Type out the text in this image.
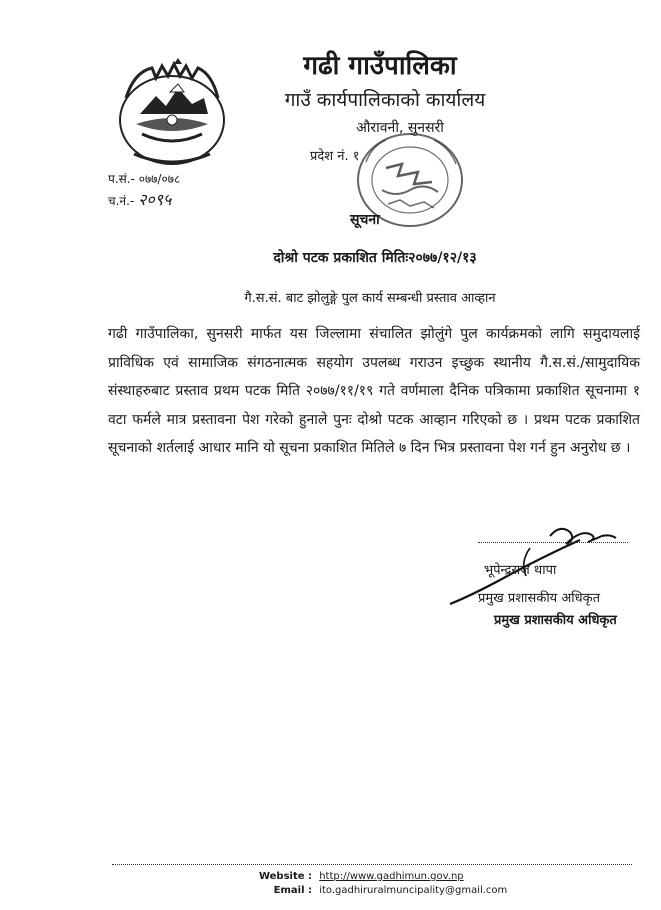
गढी गाउँपालिका
गाउँ कार्यपालिकाको कार्यालय
औरावनी, सुनसरी
प्रदेश नं. १
प.सं.- ०७७/०७८
च.नं.- २०९५
सूचना
दोश्रो पटक प्रकाशित मितिः२०७७/१२/१३
गै.स.सं. बाट झोलुङ्गे पुल कार्य सम्बन्धी प्रस्ताव आव्हान
गढी गाउँपालिका, सुनसरी मार्फत यस जिल्लामा संचालित झोलुंगे पुल कार्यक्रमको लागि समुदायलाई प्राविधिक एवं सामाजिक संगठनात्मक सहयोग उपलब्ध गराउन इच्छुक स्थानीय गै.स.सं./सामुदायिक संस्थाहरुबाट प्रस्ताव प्रथम पटक मिति २०७७/११/१९ गते वर्णमाला दैनिक पत्रिकामा प्रकाशित सूचनामा १ वटा फर्मले मात्र प्रस्तावना पेश गरेको हुनाले पुनः दोश्रो पटक आव्हान गरिएको छ । प्रथम पटक प्रकाशित सूचनाको शर्तलाई आधार मानि यो सूचना प्रकाशित मितिले ७ दिन भित्र प्रस्तावना पेश गर्न हुन अनुरोध छ ।
भूपेन्द्रराज थापा
प्रमुख प्रशासकीय अधिकृत
प्रमुख प्रशासकीय अधिकृत
Website : http://www.gadhimun.gov.np
Email : ito.gadhiruralmuncipality@gmail.com
